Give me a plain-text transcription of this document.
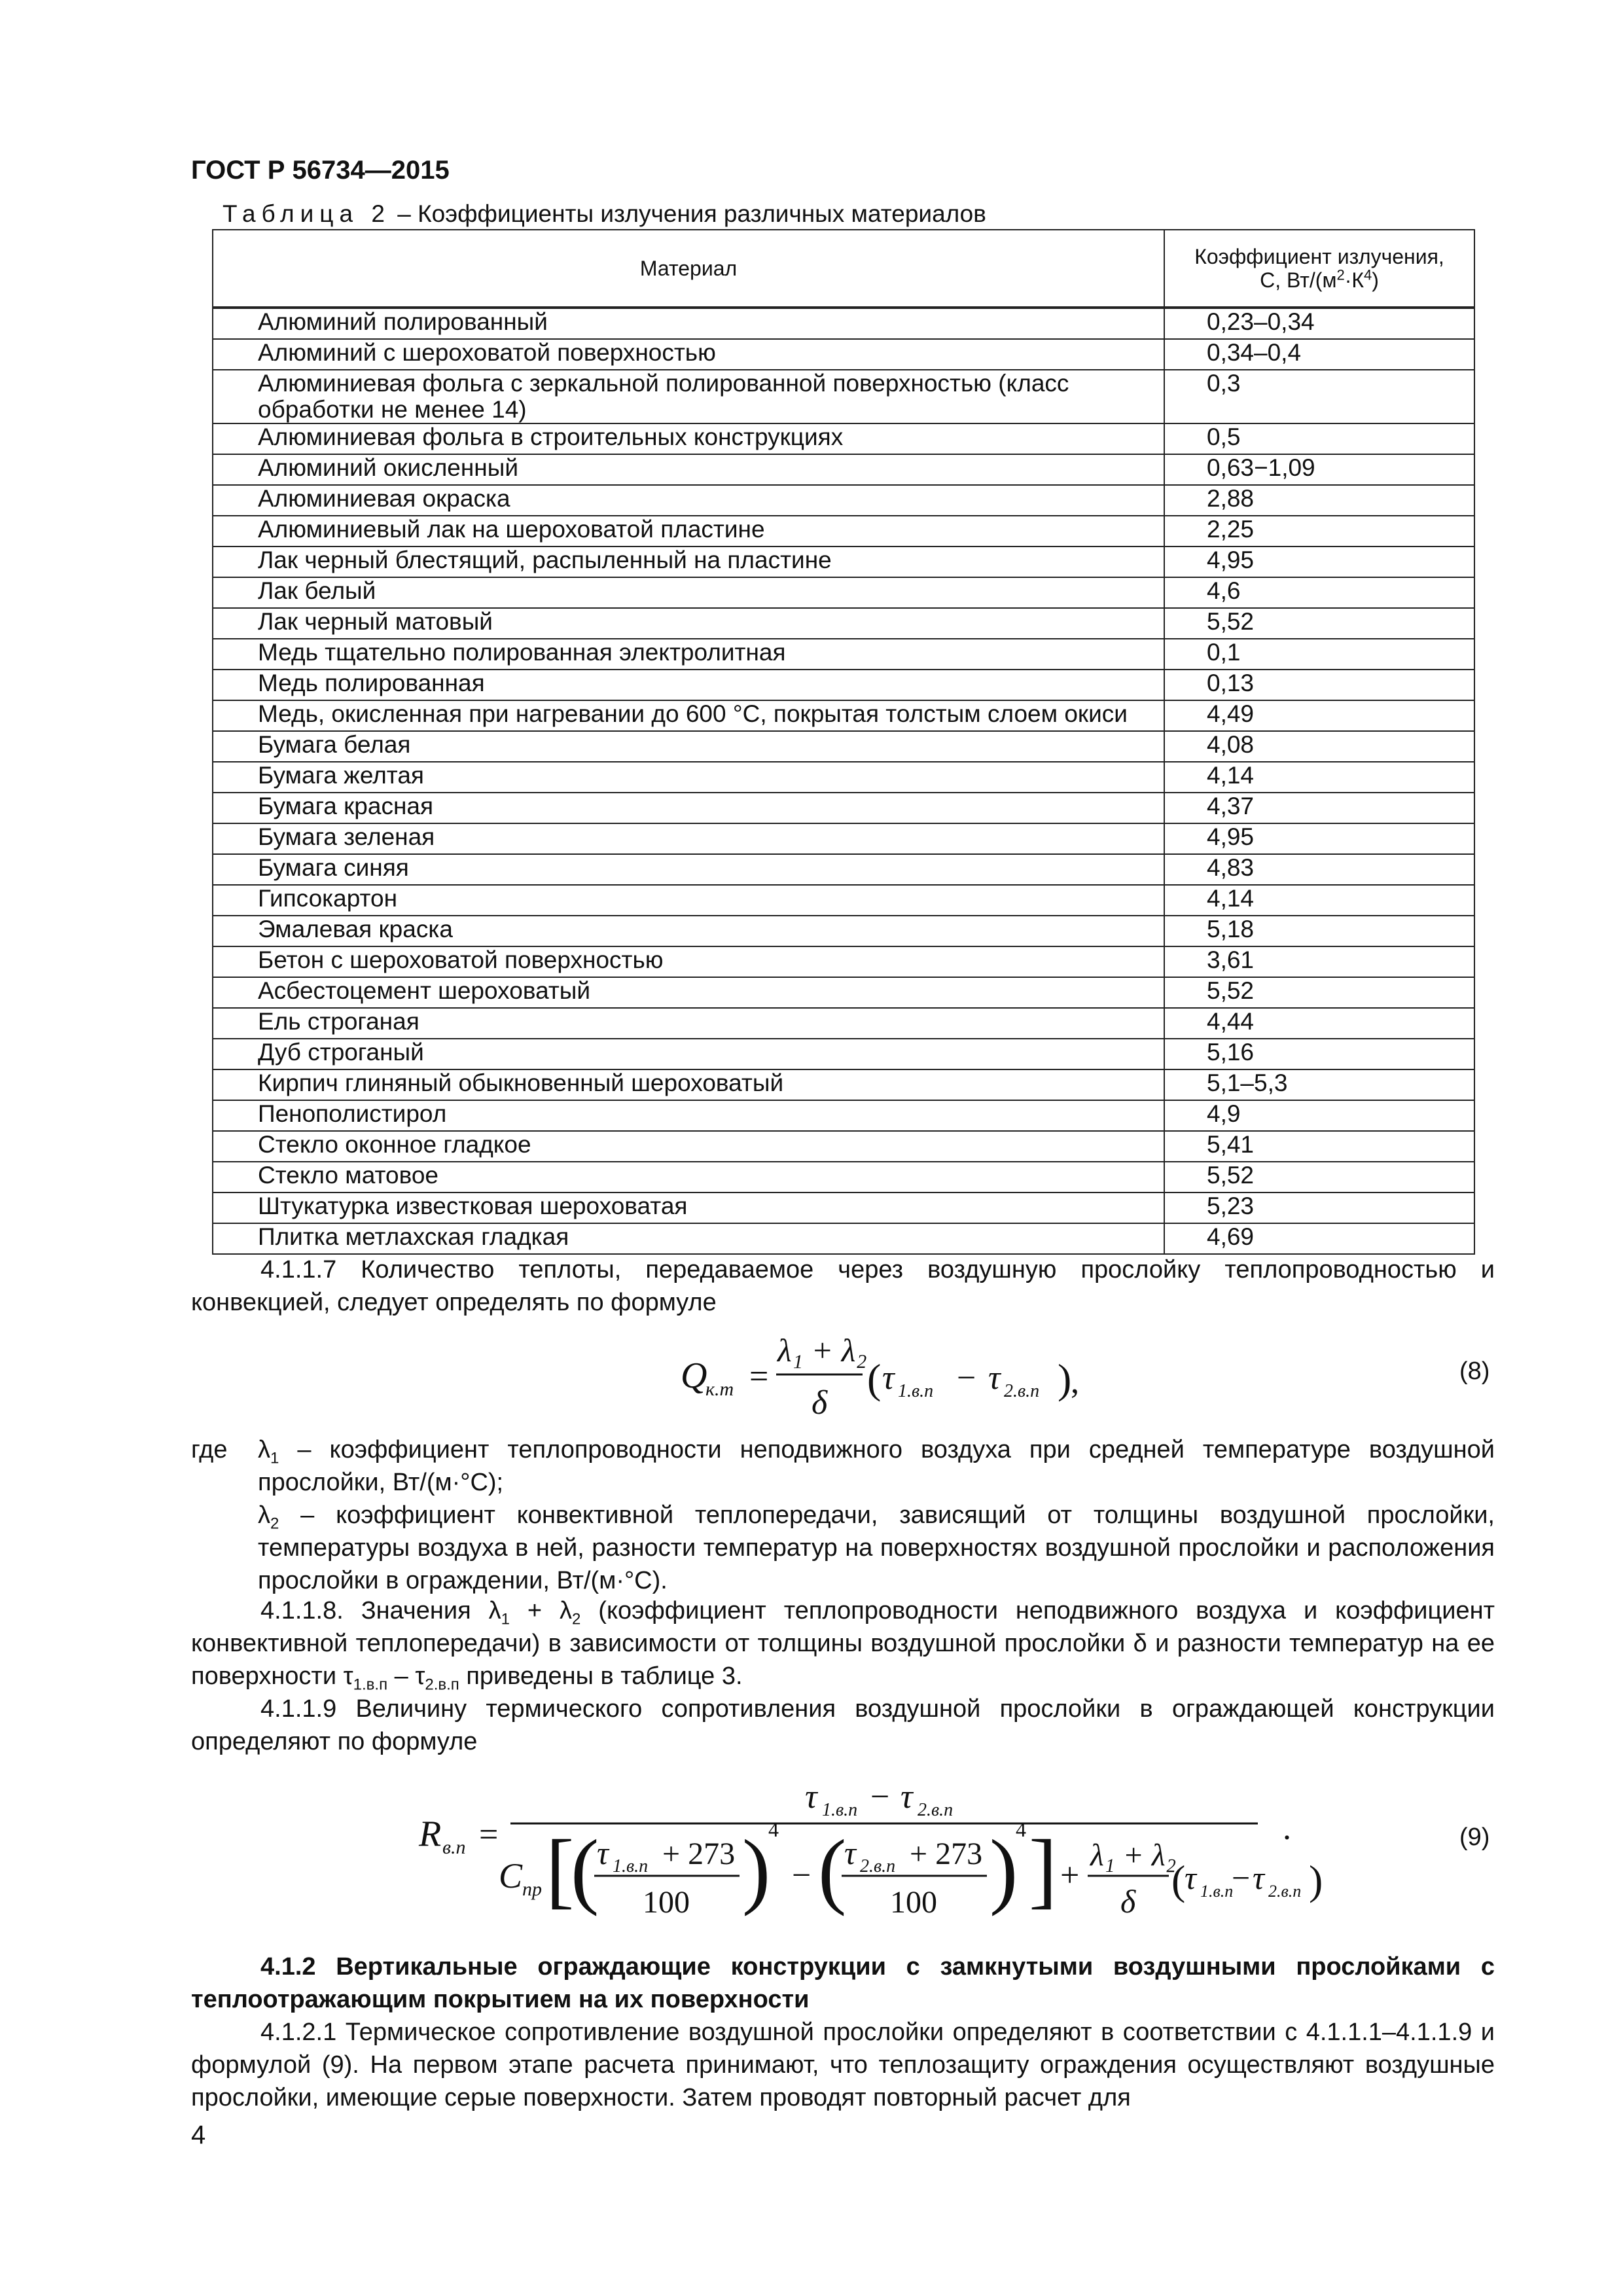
ГОСТ Р 56734—2015
Таблица 2 – Коэффициенты излучения различных материалов
Материал	Коэффициент излучения,
С, $Вт/(м^2\cdot К^4)$
Алюминий полированный	0,23–0,34
Алюминий с шероховатой поверхностью	0,34–0,4
Алюминиевая фольга с зеркальной полированной поверхностью (класс обработки не менее 14)	0,3
Алюминиевая фольга в строительных конструкциях	0,5
Алюминий окисленный	0,63−1,09
Алюминиевая окраска	2,88
Алюминиевый лак на шероховатой пластине	2,25
Лак черный блестящий, распыленный на пластине	4,95
Лак белый	4,6
Лак черный матовый	5,52
Медь тщательно полированная электролитная	0,1
Медь полированная	0,13
Медь, окисленная при нагревании до 600 °С, покрытая толстым слоем окиси	4,49
Бумага белая	4,08
Бумага желтая	4,14
Бумага красная	4,37
Бумага зеленая	4,95
Бумага синяя	4,83
Гипсокартон	4,14
Эмалевая краска	5,18
Бетон с шероховатой поверхностью	3,61
Асбестоцемент шероховатый	5,52
Ель строганая	4,44
Дуб строганый	5,16
Кирпич глиняный обыкновенный шероховатый	5,1–5,3
Пенополистирол	4,9
Стекло оконное гладкое	5,41
Стекло матовое	5,52
Штукатурка известковая шероховатая	5,23
Плитка метлахская гладкая	4,69
4.1.1.7 Количество теплоты, передаваемое через воздушную прослойку теплопроводностью и конвекцией, следует определять по формуле
Q
к.т =
λ₁ + λ₂
δ
( τ 1.в.п − τ 2.в.п )
,	(8)
где	$\lambda_1$ – коэффициент теплопроводности неподвижного воздуха при средней температуре воздушной прослойки, Вт/(м·°С);
$\lambda_2$ – коэффициент конвективной теплопередачи, зависящий от толщины воздушной прослойки, температуры воздуха в ней, разности температур на поверхностях воздушной прослойки и расположения прослойки в ограждении, Вт/(м·°С).
4.1.1.8. Значения $\lambda_1 + \lambda_2$ (коэффициент теплопроводности неподвижного воздуха и коэффициент конвективной теплопередачи) в зависимости от толщины воздушной прослойки δ и разности температур на ее поверхности $\tau_{1.в.п} - \tau_{2.в.п}$ приведены в таблице 3.
4.1.1.9 Величину термического сопротивления воздушной прослойки в ограждающей конструкции определяют по формуле
R в.п =
τ 1.в.п − τ 2.в.п
C пр [
(
τ 1.в.п + 273
100 )
4
− (
τ 2.в.п + 273
100 )
4 ] +
λ₁ + λ₂
δ (
τ 1.в.п
− τ 2.в.п )
.	(9)
4.1.2 Вертикальные ограждающие конструкции с замкнутыми воздушными прослойками с теплоотражающим покрытием на их поверхности
4.1.2.1 Термическое сопротивление воздушной прослойки определяют в соответствии с 4.1.1.1–4.1.1.9 и формулой (9). На первом этапе расчета принимают, что теплозащиту ограждения осуществляют воздушные прослойки, имеющие серые поверхности. Затем проводят повторный расчет для
4
